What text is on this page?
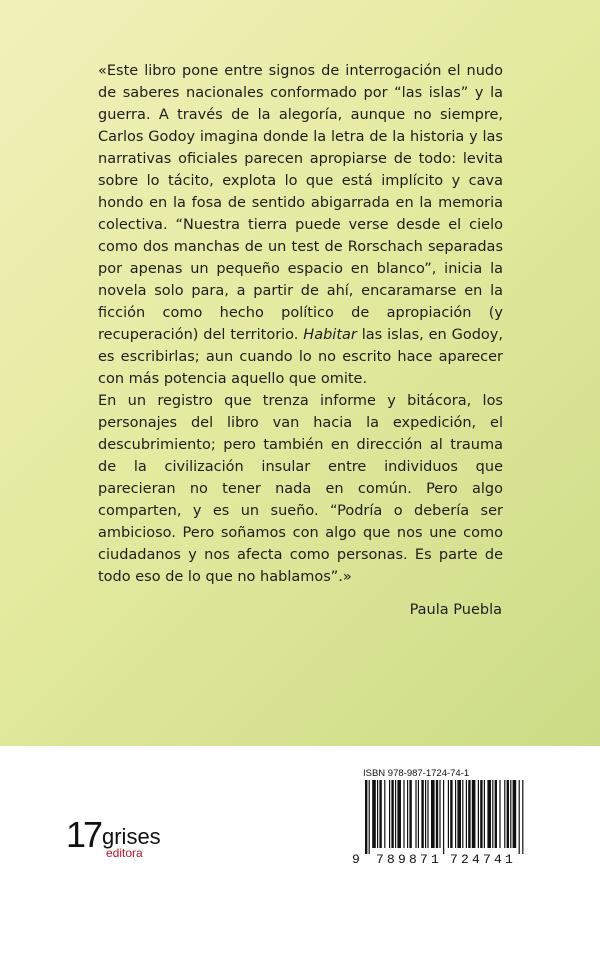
«Este libro pone entre signos de interrogación el nudo de saberes nacionales conformado por “las islas” y la guerra. A través de la alegoría, aunque no siempre, Carlos Godoy imagina donde la letra de la historia y las narrativas oficiales parecen apropiarse de todo: levita sobre lo tácito, explota lo que está implícito y cava hondo en la fosa de sentido abigarrada en la memoria colectiva. “Nuestra tierra puede verse desde el cielo como dos manchas de un test de Rorschach separadas por apenas un pequeño espacio en blanco”, inicia la novela solo para, a partir de ahí, encaramarse en la ficción como hecho político de apropiación (y recuperación) del territorio. Habitar las islas, en Godoy, es escribirlas; aun cuando lo no escrito hace aparecer con más potencia aquello que omite.

En un registro que trenza informe y bitácora, los personajes del libro van hacia la expedición, el descubrimiento; pero también en dirección al trauma de la civilización insular entre individuos que parecieran no tener nada en común. Pero algo comparten, y es un sueño. “Podría o debería ser ambicioso. Pero soñamos con algo que nos une como ciudadanos y nos afecta como personas. Es parte de todo eso de lo que no hablamos”.»

Paula Puebla
17 grises
editora
ISBN 978-987-1724-74-1
9 789871 724741
